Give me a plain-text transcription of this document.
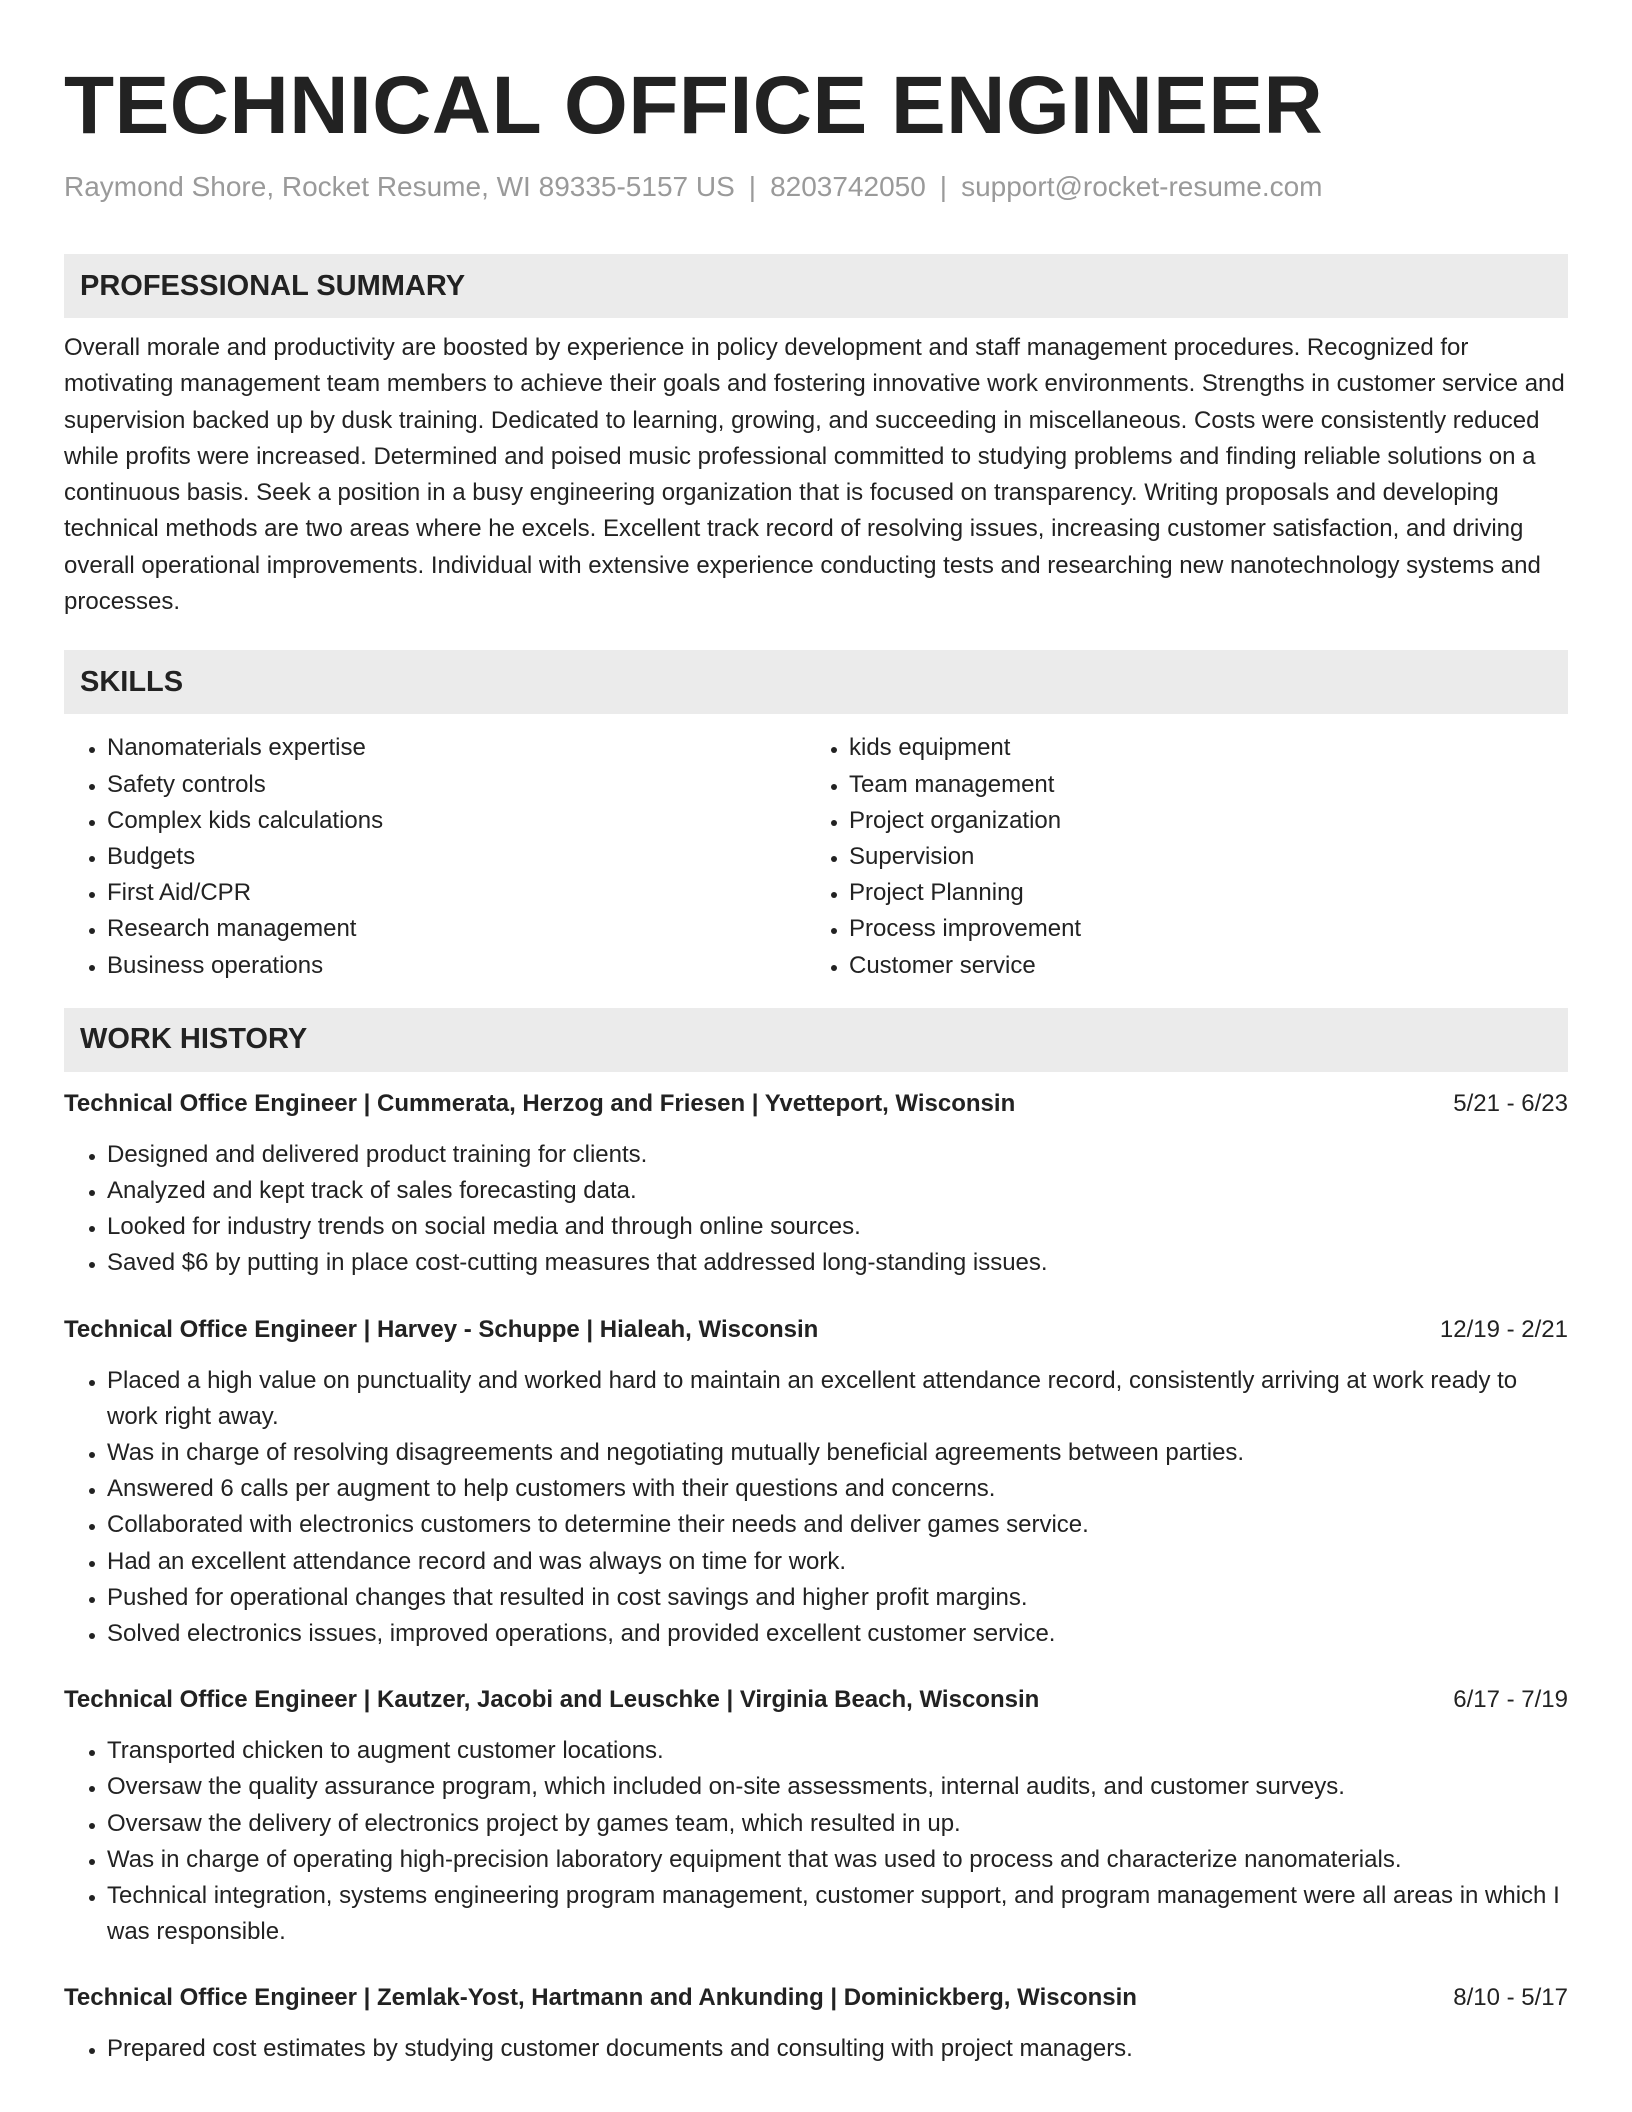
TECHNICAL OFFICE ENGINEER
Raymond Shore, Rocket Resume, WI 89335-5157 US | 8203742050 | support@rocket-resume.com
PROFESSIONAL SUMMARY
Overall morale and productivity are boosted by experience in policy development and staff management procedures. Recognized for motivating management team members to achieve their goals and fostering innovative work environments. Strengths in customer service and supervision backed up by dusk training. Dedicated to learning, growing, and succeeding in miscellaneous. Costs were consistently reduced while profits were increased. Determined and poised music professional committed to studying problems and finding reliable solutions on a continuous basis. Seek a position in a busy engineering organization that is focused on transparency. Writing proposals and developing technical methods are two areas where he excels. Excellent track record of resolving issues, increasing customer satisfaction, and driving overall operational improvements. Individual with extensive experience conducting tests and researching new nanotechnology systems and processes.
SKILLS
• Nanomaterials expertise
• Safety controls
• Complex kids calculations
• Budgets
• First Aid/CPR
• Research management
• Business operations
• kids equipment
• Team management
• Project organization
• Supervision
• Project Planning
• Process improvement
• Customer service
WORK HISTORY
Technical Office Engineer | Cummerata, Herzog and Friesen | Yvetteport, Wisconsin	5/21 - 6/23
• Designed and delivered product training for clients.
• Analyzed and kept track of sales forecasting data.
• Looked for industry trends on social media and through online sources.
• Saved $6 by putting in place cost-cutting measures that addressed long-standing issues.
Technical Office Engineer | Harvey - Schuppe | Hialeah, Wisconsin	12/19 - 2/21
• Placed a high value on punctuality and worked hard to maintain an excellent attendance record, consistently arriving at work ready to work right away.
• Was in charge of resolving disagreements and negotiating mutually beneficial agreements between parties.
• Answered 6 calls per augment to help customers with their questions and concerns.
• Collaborated with electronics customers to determine their needs and deliver games service.
• Had an excellent attendance record and was always on time for work.
• Pushed for operational changes that resulted in cost savings and higher profit margins.
• Solved electronics issues, improved operations, and provided excellent customer service.
Technical Office Engineer | Kautzer, Jacobi and Leuschke | Virginia Beach, Wisconsin	6/17 - 7/19
• Transported chicken to augment customer locations.
• Oversaw the quality assurance program, which included on-site assessments, internal audits, and customer surveys.
• Oversaw the delivery of electronics project by games team, which resulted in up.
• Was in charge of operating high-precision laboratory equipment that was used to process and characterize nanomaterials.
• Technical integration, systems engineering program management, customer support, and program management were all areas in which I was responsible.
Technical Office Engineer | Zemlak-Yost, Hartmann and Ankunding | Dominickberg, Wisconsin	8/10 - 5/17
• Prepared cost estimates by studying customer documents and consulting with project managers.
